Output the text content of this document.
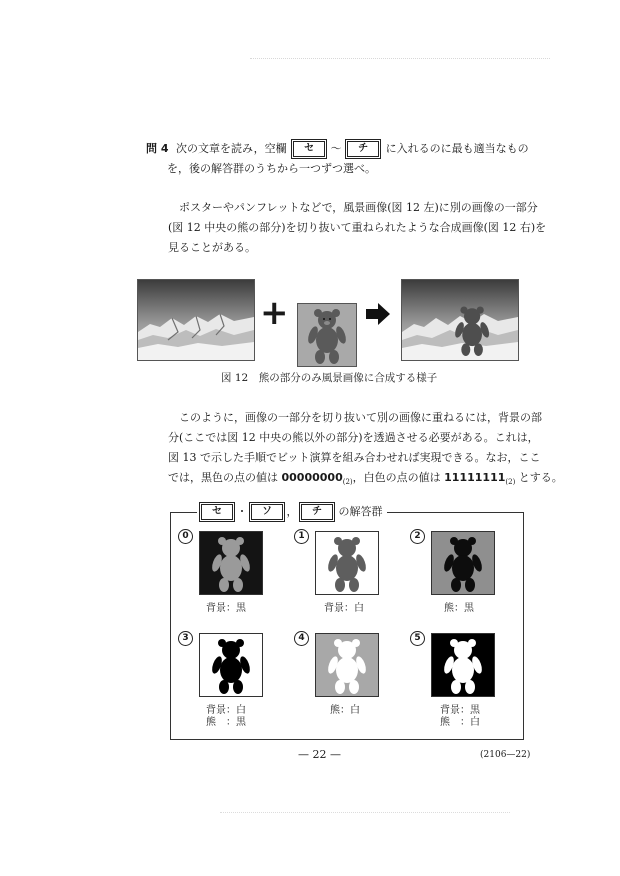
問 4 次の文章を読み，空欄 セ 〜 チ に入れるのに最も適当なもの
を，後の解答群のうちから一つずつ選べ。
ポスターやパンフレットなどで，風景画像(図 12 左)に別の画像の一部分
(図 12 中央の熊の部分)を切り抜いて重ねられたような合成画像(図 12 右)を
見ることがある。
+
図 12　熊の部分のみ風景画像に合成する様子
このように，画像の一部分を切り抜いて別の画像に重ねるには，背景の部
分(ここでは図 12 中央の熊以外の部分)を透過させる必要がある。これは，
図 13 で示した手順でビット演算を組み合わせれば実現できる。なお，ここ
では，黒色の点の値は $00000000_{(2)}$，白色の点の値は $11111111_{(2)}$ とする。
セ ・ ソ ， チ の解答群
0
背景：黒
1
背景：白
2
熊：黒
3
背景：白
熊　：黒
4
熊：白
5
背景：黒
熊　：白
— 22 —	(2106—22)
